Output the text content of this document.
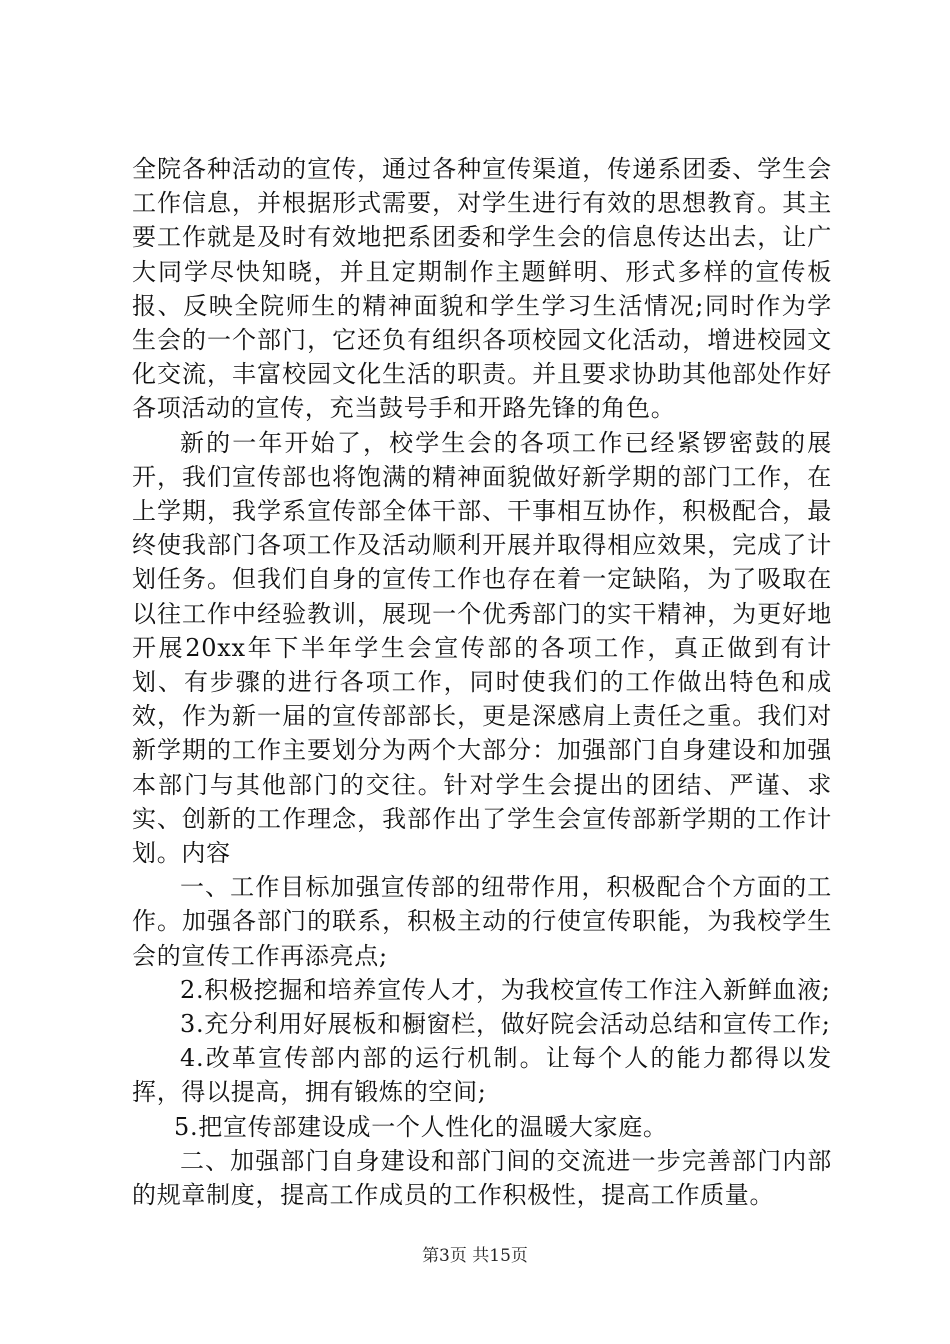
全院各种活动的宣传，通过各种宣传渠道，传递系团委、学生会工作信息，并根据形式需要，对学生进行有效的思想教育。其主要工作就是及时有效地把系团委和学生会的信息传达出去，让广大同学尽快知晓，并且定期制作主题鲜明、形式多样的宣传板报、反映全院师生的精神面貌和学生学习生活情况;同时作为学生会的一个部门，它还负有组织各项校园文化活动，增进校园文化交流，丰富校园文化生活的职责。并且要求协助其他部处作好各项活动的宣传，充当鼓号手和开路先锋的角色。

新的一年开始了，校学生会的各项工作已经紧锣密鼓的展开，我们宣传部也将饱满的精神面貌做好新学期的部门工作，在上学期，我学系宣传部全体干部、干事相互协作，积极配合，最终使我部门各项工作及活动顺利开展并取得相应效果，完成了计划任务。但我们自身的宣传工作也存在着一定缺陷，为了吸取在以往工作中经验教训，展现一个优秀部门的实干精神，为更好地开展20xx年下半年学生会宣传部的各项工作，真正做到有计划、有步骤的进行各项工作，同时使我们的工作做出特色和成效，作为新一届的宣传部部长，更是深感肩上责任之重。我们对新学期的工作主要划分为两个大部分：加强部门自身建设和加强本部门与其他部门的交往。针对学生会提出的团结、严谨、求实、创新的工作理念，我部作出了学生会宣传部新学期的工作计划。内容

一、工作目标加强宣传部的纽带作用，积极配合个方面的工作。加强各部门的联系，积极主动的行使宣传职能，为我校学生会的宣传工作再添亮点;

2.积极挖掘和培养宣传人才，为我校宣传工作注入新鲜血液;

3.充分利用好展板和橱窗栏，做好院会活动总结和宣传工作;

4.改革宣传部内部的运行机制。让每个人的能力都得以发挥，得以提高，拥有锻炼的空间;

5.把宣传部建设成一个人性化的温暖大家庭。

二、加强部门自身建设和部门间的交流进一步完善部门内部的规章制度，提高工作成员的工作积极性，提高工作质量。

第3页 共15页
